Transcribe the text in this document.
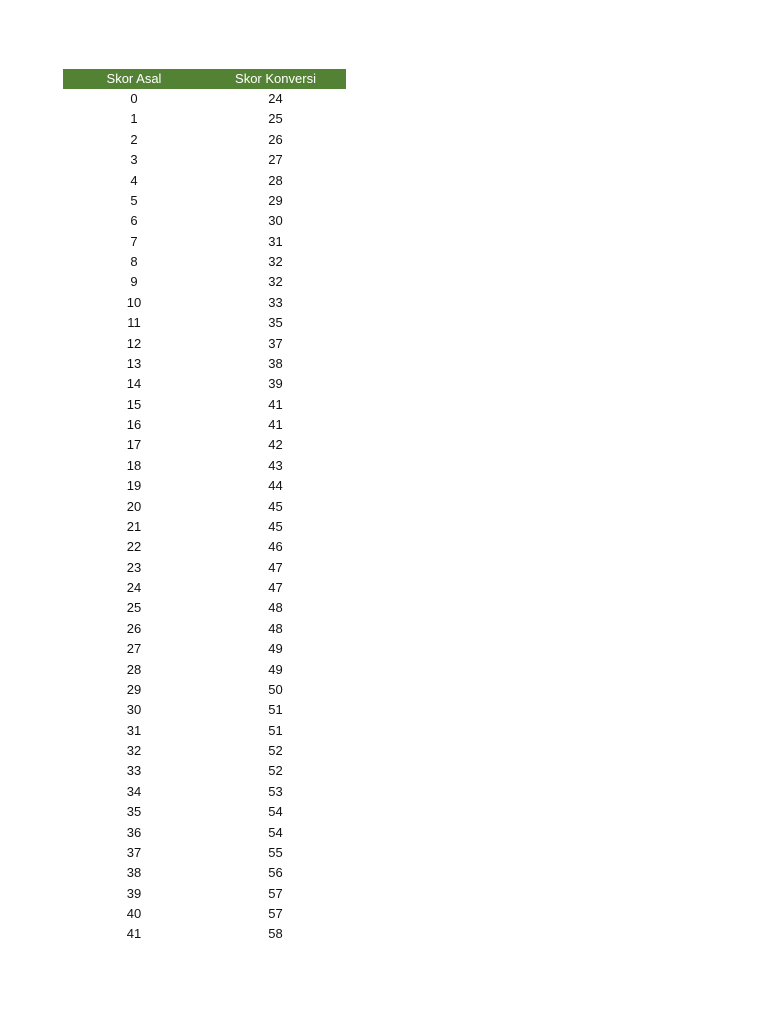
Skor Asal	Skor Konversi
0	24
1	25
2	26
3	27
4	28
5	29
6	30
7	31
8	32
9	32
10	33
11	35
12	37
13	38
14	39
15	41
16	41
17	42
18	43
19	44
20	45
21	45
22	46
23	47
24	47
25	48
26	48
27	49
28	49
29	50
30	51
31	51
32	52
33	52
34	53
35	54
36	54
37	55
38	56
39	57
40	57
41	58
